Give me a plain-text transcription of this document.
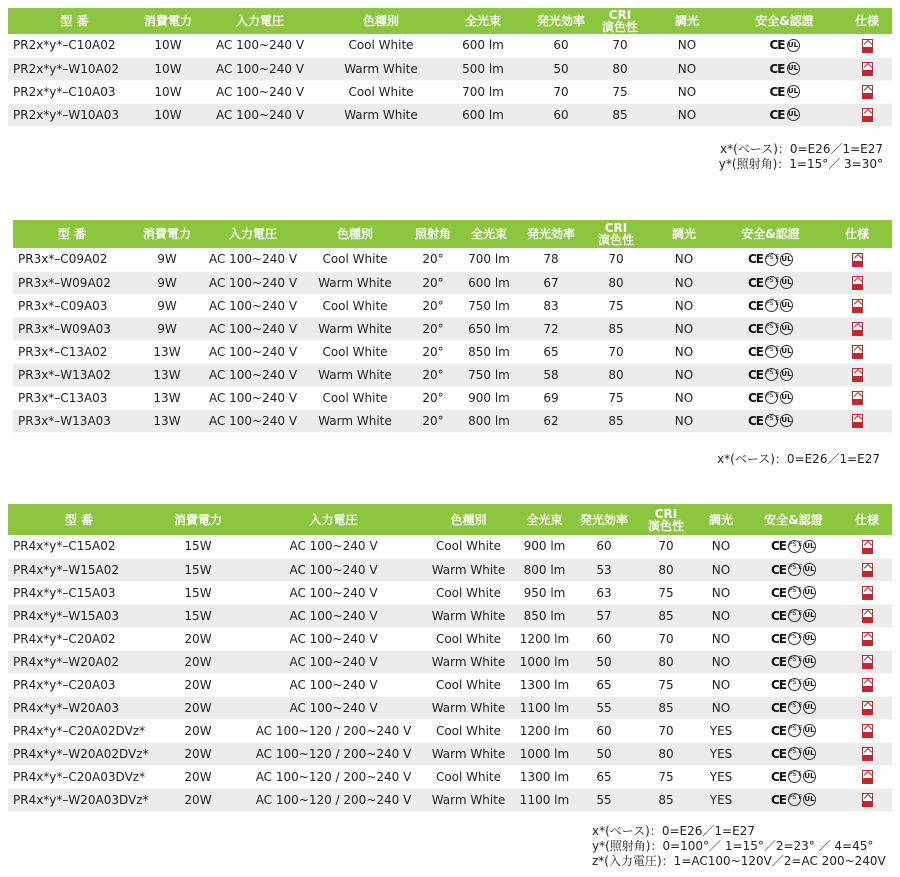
型 番	消費電力	入力電圧	色種別	全光束	発光効率	CRI
演色性	調光	安全&認證	仕様
PR2x*y*–C10A02	10W	AC 100~240 V	Cool White	600 lm	60	70	NO	CE UL	

PR2x*y*–W10A02	10W	AC 100~240 V	Warm White	500 lm	50	80	NO	CE UL	

PR2x*y*–C10A03	10W	AC 100~240 V	Cool White	700 lm	70	75	NO	CE UL	

PR2x*y*–W10A03	10W	AC 100~240 V	Warm White	600 lm	60	85	NO	CE UL	

x*(ベース)：0=E26／1=E27
y*(照射角)：1=15°／ 3=30°
型 番	消費電力	入力電圧	色種別	照射角	全光束	発光効率	CRI
演色性	調光	安全&認證	仕様
PR3x*–C09A02	9W	AC 100~240 V	Cool White	20°	700 lm	78	70	NO	CE PS E UL	

PR3x*–W09A02	9W	AC 100~240 V	Warm White	20°	600 lm	67	80	NO	CE PS E UL	

PR3x*–C09A03	9W	AC 100~240 V	Cool White	20°	750 lm	83	75	NO	CE PS E UL	

PR3x*–W09A03	9W	AC 100~240 V	Warm White	20°	650 lm	72	85	NO	CE PS E UL	

PR3x*–C13A02	13W	AC 100~240 V	Cool White	20°	850 lm	65	70	NO	CE PS E UL	

PR3x*–W13A02	13W	AC 100~240 V	Warm White	20°	750 lm	58	80	NO	CE PS E UL	

PR3x*–C13A03	13W	AC 100~240 V	Cool White	20°	900 lm	69	75	NO	CE PS E UL	

PR3x*–W13A03	13W	AC 100~240 V	Warm White	20°	800 lm	62	85	NO	CE PS E UL	

x*(ベース)：0=E26／1=E27
型 番	消費電力	入力電圧	色種別	全光束	発光効率	CRI
演色性	調光	安全&認證	仕様
PR4x*y*–C15A02	15W	AC 100~240 V	Cool White	900 lm	60	70	NO	CE PS E UL	

PR4x*y*–W15A02	15W	AC 100~240 V	Warm White	800 lm	53	80	NO	CE PS E UL	

PR4x*y*–C15A03	15W	AC 100~240 V	Cool White	950 lm	63	75	NO	CE PS E UL	

PR4x*y*–W15A03	15W	AC 100~240 V	Warm White	850 lm	57	85	NO	CE PS E UL	

PR4x*y*–C20A02	20W	AC 100~240 V	Cool White	1200 lm	60	70	NO	CE PS E UL	

PR4x*y*–W20A02	20W	AC 100~240 V	Warm White	1000 lm	50	80	NO	CE PS E UL	

PR4x*y*–C20A03	20W	AC 100~240 V	Cool White	1300 lm	65	75	NO	CE PS E UL	

PR4x*y*–W20A03	20W	AC 100~240 V	Warm White	1100 lm	55	85	NO	CE PS E UL	

PR4x*y*–C20A02DVz*	20W	AC 100~120 / 200~240 V	Cool White	1200 lm	60	70	YES	CE PS E UL	

PR4x*y*–W20A02DVz*	20W	AC 100~120 / 200~240 V	Warm White	1000 lm	50	80	YES	CE PS E UL	

PR4x*y*–C20A03DVz*	20W	AC 100~120 / 200~240 V	Cool White	1300 lm	65	75	YES	CE PS E UL	

PR4x*y*–W20A03DVz*	20W	AC 100~120 / 200~240 V	Warm White	1100 lm	55	85	YES	CE PS E UL	

x*(ベース)：0=E26／1=E27
y*(照射角)：0=100°／ 1=15°／2=23° ／ 4=45°
z*(入力電圧)：1=AC100~120V／2=AC 200~240V
